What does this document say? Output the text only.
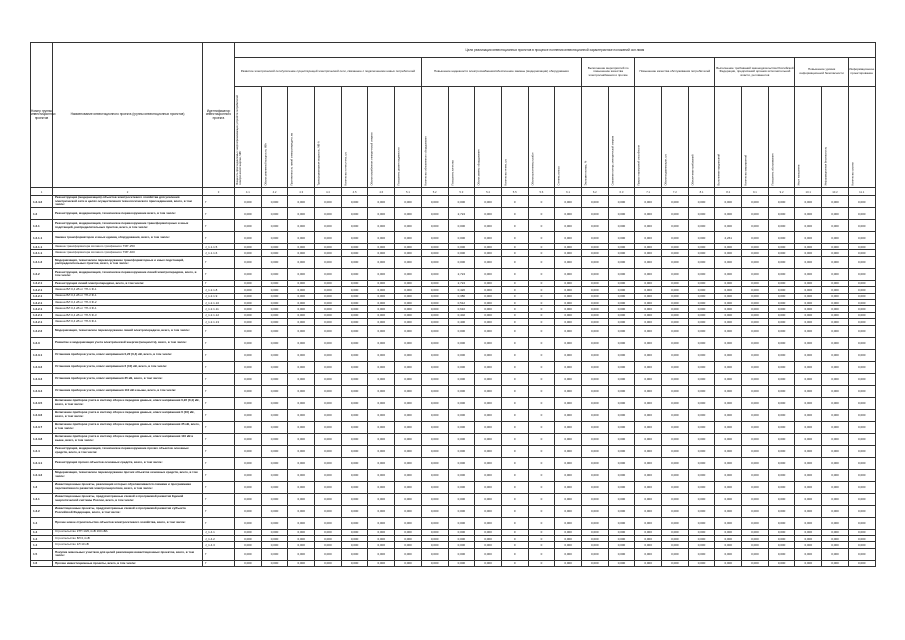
Номер группы инвестиционных проектов	Наименование инвестиционного проекта (группы инвестиционных проектов)	Идентификатор инвестиционного проекта	Цели реализации инвестиционных проектов в процессе полнения инвестиционной характеристике положений осн.ниям																							
			Развитие электрической сети/усиление существующей электрической сети, связанное с подключением новых потребителей							Повышение надежности электроснабжения/обеспечение замены (модернизации) оборудования						Выполнение мероприятий по повышению качества электроснабжения и прочие		Повышение качества обслуживания потребителей			Выполнение требований законодательства Российской Федерации, предписаний органов исполнительной власти, регламентов			Повышение уровня информационной безопасности		Информационное проектирование

			Мощность присоединяемых энергопринимающих устройств потребителей электрической энергии, МВт	Объем заявленной мощности, МВт	Протяженность линий электропередачи, км	Трансформаторная мощность, МВ·А	Количество точек учета, шт.	Объем потребления электрической энергии	Показатель уровня надежности	Количество обновленного оборудования	Показатель качества	Объем замены оборудования	Количество ячеек, шт.	Объем выполненных работ	Степень износа	Экономия потерь, %	Снижение потерь электрической энергии	Прирост пропускной способности	Объем модернизации, шт.	Обеспечение требований	Выполнение предписаний	Количество мероприятий	Показатель обслуживания	Иные показатели	Информационная безопасность	Количество систем

1	2	3	4.1	4.2	4.3	4.4	4.5	4.6	5.1	5.2	5.3	5.4	5.5	5.6	6.1	6.2	6.3	7.1	7.2	8.1	8.2	9.1	9.2	10.1	10.2	11.1
1.2.4.2	Реконструкция (модернизация) объектов электросетевого хозяйства для усиления электрической сети в целях осуществления технологического присоединения, всего, в том числе:	Г	0,000	0,000	0,000	0,000	0,000	0,000	0,000	0,000	0,000	0,000	0	0	0,000	0,000	0,000	0,000	0,000	0,000	0,000	0,000	0,000	0,000	0,000	0,000
1.2	Реконструкция, модернизация, техническое перевооружение всего, в том числе:	Г	0,000	0,000	0,000	0,000	0,000	0,000	0,000	0,000	2,724	0,000	0	0	0,000	0,000	0,000	0,000	0,000	0,000	0,000	0,000	0,000	0,000	0,000	0,000
1.2.1	Реконструкция, модернизация, техническое перевооружение трансформаторных и иных подстанций, распределительных пунктов, всего, в том числе:	Г	0,000	0,000	0,000	0,000	0,000	0,000	0,000	0,000	0,000	0,000	0	0	0,000	0,000	0,000	0,000	0,000	0,000	0,000	0,000	0,000	0,000	0,000	0,000
1.2.1.1	Замена трансформаторов и иных единиц оборудования, всего, в том числе:	Г	0,000	0,000	0,000	0,000	0,000	0,000	0,000	0,000	0,000	0,000	0	0	0,000	0,000	0,000	0,000	0,000	0,000	2,261	0,000	0,000	0,000	0,000	0,000
1.2.1.1	Замена трансформатора силового трёхфазного ТМГ-250	J_1.1.1.5	0,000	0,000	0,000	0,000	0,000	0,000	0,000	0,000	0,000	0,000	0	0	0,000	0,000	0,000	0,000	0,000	0,000	0,000	0,000	0,000	0,000	0,000	0,000
1.2.1.1	Замена трансформатора силового трёхфазного ТМГ-400	J_1.1.1.6	0,000	0,000	0,000	0,000	0,000	0,000	0,000	0,000	0,000	0,000	0	0	0,000	0,000	0,000	0,000	0,000	0,000	0,000	0,000	0,000	0,000	0,000	0,000
1.2.1.2	Модернизация, техническое перевооружение трансформаторных и иных подстанций, распределительных пунктов, всего, в том числе:	Г	0,000	0,000	0,000	0,000	0,000	0,000	0,000	0,000	0,000	0,000	0	0	0,000	0,000	0,000	0,000	0,000	0,000	0,000	0,000	0,000	0,000	0,000	0,000
1.2.2	Реконструкция, модернизация, техническое перевооружение линий электропередачи, всего, в том числе:	Г	0,000	0,000	0,000	0,000	0,000	0,000	0,000	0,000	2,724	0,000	0	0	0,000	0,000	0,000	0,000	0,000	0,000	0,000	0,000	0,000	0,000	0,000	0,000
1.2.2.1	Реконструкция линий электропередачи, всего, в том числе:	Г	0,000	0,000	0,000	0,000	0,000	0,000	0,000	0,000	2,724	0,000	0	0	0,000	0,000	0,000	0,000	0,000	0,000	0,000	0,000	0,000	0,000	0,000	0,000
1.2.2.1	Замена ВЛ 0,4 кВ от ТП-1 Ф-1	J_1.2.1.8	0,000	0,000	0,000	0,000	0,000	0,000	0,000	0,000	0,420	0,000	0	0	0,000	0,000	0,000	0,000	0,000	0,000	0,000	0,000	0,000	0,000	0,000	0,000
1.2.2.1	Замена ВЛ 0,4 кВ от ТП-2 Ф-1	J_1.2.1.9	0,000	0,000	0,000	0,000	0,000	0,000	0,000	0,000	0,380	0,000	0	0	0,000	0,000	0,000	0,000	0,000	0,000	0,000	0,000	0,000	0,000	0,000	0,000
1.2.2.1	Замена ВЛ 0,4 кВ от ТП-3 Ф-2	J_1.2.1.10	0,000	0,000	0,000	0,000	0,000	0,000	0,000	0,000	0,512	0,000	0	0	0,000	0,000	0,000	0,000	0,000	0,000	0,000	0,000	0,000	0,000	0,000	0,000
1.2.2.1	Замена ВЛ 0,4 кВ от ТП-4 Ф-1	J_1.2.1.11	0,000	0,000	0,000	0,000	0,000	0,000	0,000	0,000	0,610	0,000	0	0	0,000	0,000	0,000	0,000	0,000	0,000	0,000	0,000	0,000	0,000	0,000	0,000
1.2.2.1	Замена ВЛ 0,4 кВ от ТП-5 Ф-3	J_1.2.1.12	0,000	0,000	0,000	0,000	0,000	0,000	0,000	0,000	0,402	0,000	0	0	0,000	0,000	0,000	0,000	0,000	0,000	0,000	0,000	0,000	0,000	0,000	0,000
1.2.2.1	Замена ВЛ 0,4 кВ от ТП-6 Ф-1	J_1.2.1.13	0,000	0,000	0,000	0,000	0,000	0,000	0,000	0,000	0,400	0,000	0	0	0,000	0,000	0,000	0,000	0,000	0,000	0,000	0,000	0,000	0,000	0,000	0,000
1.2.2.2	Модернизация, техническое перевооружение линий электропередачи, всего, в том числе:	Г	0,000	0,000	0,000	0,000	0,000	0,000	0,000	0,000	0,000	0,000	0	0	0,000	0,000	0,000	0,000	0,000	0,000	0,000	0,000	0,000	0,000	0,000	0,000
1.2.3	Развитие и модернизация учета электрической энергии (мощности), всего, в том числе:	Г	0,000	0,000	0,000	0,000	0,000	0,000	0,000	0,000	0,000	0,000	0	0	0,000	0,000	0,000	0,000	0,000	0,000	0,000	0,000	0,000	0,000	0,000	0,000
1.2.3.1	Установка приборов учета, класс напряжения 0,22 (0,4) кВ, всего, в том числе:	Г	0,000	0,000	0,000	0,000	0,000	0,000	0,000	0,000	0,000	0,000	0	0	0,000	0,000	0,000	0,000	0,000	0,000	0,000	0,000	0,000	0,000	0,000	0,000
1.2.3.2	Установка приборов учета, класс напряжения 6 (10) кВ, всего, в том числе:	Г	0,000	0,000	0,000	0,000	0,000	0,000	0,000	0,000	0,000	0,000	0	0	0,000	0,000	0,000	0,000	0,000	0,000	0,000	0,000	0,000	0,000	0,000	0,000
1.2.3.3	Установка приборов учета, класс напряжения 35 кВ, всего, в том числе:	Г	0,000	0,000	0,000	0,000	0,000	0,000	0,000	0,000	0,000	0,000	0	0	0,000	0,000	0,000	0,000	0,000	0,000	0,000	0,000	0,000	0,000	0,000	0,000
1.2.3.4	Установка приборов учета, класс напряжения 110 кВ и выше, всего, в том числе:	Г	0,000	0,000	0,000	0,000	0,000	0,000	0,000	0,000	0,000	0,000	0	0	0,000	0,000	0,000	0,000	0,000	0,000	0,000	0,000	0,000	0,000	0,000	0,000
1.2.3.5	Включение приборов учета в систему сбора и передачи данных, класс напряжения 0,22 (0,4) кВ, всего, в том числе:	Г	0,000	0,000	0,000	0,000	0,000	0,000	0,000	0,000	0,000	0,000	0	0	0,000	0,000	0,000	0,000	0,000	0,000	0,000	0,000	0,000	0,000	0,000	0,000
1.2.3.6	Включение приборов учета в систему сбора и передачи данных, класс напряжения 6 (10) кВ, всего, в том числе:	Г	0,000	0,000	0,000	0,000	0,000	0,000	0,000	0,000	0,000	0,000	0	0	0,000	0,000	0,000	0,000	0,000	0,000	0,000	0,000	0,000	0,000	0,000	0,000
1.2.3.7	Включение приборов учета в систему сбора и передачи данных, класс напряжения 35 кВ, всего, в том числе:	Г	0,000	0,000	0,000	0,000	0,000	0,000	0,000	0,000	0,000	0,000	0	0	0,000	0,000	0,000	0,000	0,000	0,000	0,000	0,000	0,000	0,000	0,000	0,000
1.2.3.8	Включение приборов учета в систему сбора и передачи данных, класс напряжения 110 кВ и выше, всего, в том числе:	Г	0,000	0,000	0,000	0,000	0,000	0,000	0,000	0,000	0,000	0,000	0	0	0,000	0,000	0,000	0,000	0,000	0,000	0,000	0,000	0,000	0,000	0,000	0,000
1.2.4	Реконструкция, модернизация, техническое перевооружение прочих объектов основных средств, всего, в том числе:	Г	0,000	0,000	0,000	0,000	0,000	0,000	0,000	0,000	0,000	0,000	0	0	0,000	0,000	0,000	0,000	0,000	0,000	0,000	0,000	0,000	0,000	0,000	0,000
1.2.4.1	Реконструкция прочих объектов основных средств, всего, в том числе:	Г	0,000	0,000	0,000	0,000	0,000	0,000	0,000	0,000	0,000	0,000	0	0	0,000	0,000	0,000	0,000	0,000	0,000	0,000	0,000	0,000	0,000	0,000	0,000
1.2.4.2	Модернизация, техническое перевооружение прочих объектов основных средств, всего, в том числе:	Г	0,000	0,000	0,000	0,000	0,000	0,000	0,000	0,000	0,000	0,000	0	0	0,000	0,000	0,000	0,000	0,000	0,000	0,000	0,000	0,000	0,000	0,000	0,000
1.3	Инвестиционные проекты, реализация которых обуславливается схемами и программами перспективного развития электроэнергетики, всего, в том числе:	Г	0,000	0,000	0,000	0,000	0,000	0,000	0,000	0,000	0,000	0,000	0	0	0,000	0,000	0,000	0,000	0,000	0,000	0,000	0,000	0,000	0,000	0,000	0,000
1.3.1	Инвестиционные проекты, предусмотренные схемой и программой развития Единой энергетической системы России, всего, в том числе:	Г	0,000	0,000	0,000	0,000	0,000	0,000	0,000	0,000	0,000	0,000	0	0	0,000	0,000	0,000	0,000	0,000	0,000	0,000	0,000	0,000	0,000	0,000	0,000
1.3.2	Инвестиционные проекты, предусмотренные схемой и программой развития субъекта Российской Федерации, всего, в том числе:	Г	0,000	0,000	0,000	0,000	0,000	0,000	0,000	0,000	0,000	0,000	0	0	0,000	0,000	0,000	0,000	0,000	0,000	0,000	0,000	0,000	0,000	0,000	0,000
1.4	Прочее новое строительство объектов электросетевого хозяйства, всего, в том числе:	Г	0,000	0,000	0,000	0,000	0,000	0,000	0,000	0,000	0,000	0,000	0	0	0,000	0,000	0,000	0,000	0,000	0,000	0,000	0,000	0,000	0,000	0,000	0,000
1.4	Строительство КТП 10/0,4 кВ 160 кВА	J_1.4.1	0,000	0,000	0,000	0,000	0,000	0,000	0,000	0,000	0,000	0,000	0	0	0,000	0,000	0,000	0,000	0,000	0,000	0,000	0,000	0,000	0,000	0,000	0,000
1.4	Строительство ВЛ 0,4 кВ	J_1.4.2	0,000	0,000	0,000	0,000	0,000	0,000	0,000	0,000	0,000	0,000	0	0	0,000	0,000	0,000	0,000	0,000	0,000	0,000	0,000	0,000	0,000	0,000	0,000
1.4	Строительство КЛ 10 кВ	J_1.4.3	0,000	0,000	0,000	0,000	0,000	0,000	0,000	0,000	0,000	0,000	0	0	0,000	0,000	0,000	0,000	0,000	0,000	0,000	0,000	0,000	0,000	0,000	0,000
1.5	Покупка земельных участков для целей реализации инвестиционных проектов, всего, в том числе:	Г	0,000	0,000	0,000	0,000	0,000	0,000	0,000	0,000	0,000	0,000	0	0	0,000	0,000	0,000	0,000	0,000	0,000	0,000	0,000	0,000	0,000	0,000	0,000
1.6	Прочие инвестиционные проекты, всего, в том числе:	Г	0,000	0,000	0,000	0,000	0,000	0,000	0,000	0,000	0,000	0,000	0	0	0,000	0,000	0,000	0,000	0,000	0,000	0,000	0,000	0,000	0,000	0,000	0,000
